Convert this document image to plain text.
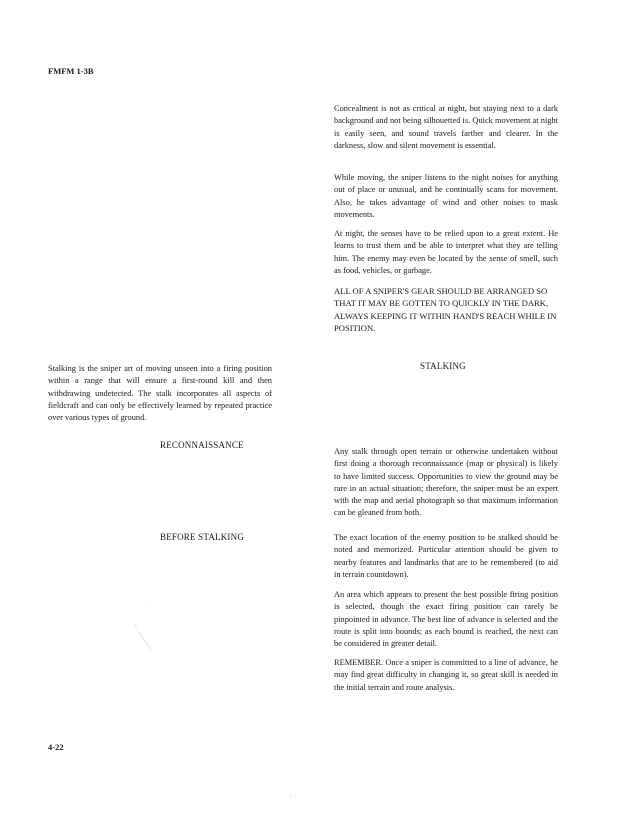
FMFM 1-3B

Concealment is not as critical at night, but staying next to a dark background and not being silhouetted is. Quick movement at night is easily seen, and sound travels farther and clearer. In the darkness, slow and silent movement is essential.

While moving, the sniper listens to the night noises for anything out of place or unusual, and he continually scans for movement. Also, he takes advantage of wind and other noises to mask movements.

At night, the senses have to be relied upon to a great extent. He learns to trust them and be able to interpret what they are telling him. The enemy may even be located by the sense of smell, such as food, vehicles, or garbage.

ALL OF A SNIPER'S GEAR SHOULD BE ARRANGED SO THAT IT MAY BE GOTTEN TO QUICKLY IN THE DARK, ALWAYS KEEPING IT WITHIN HAND'S REACH WHILE IN POSITION.

STALKING

Stalking is the sniper art of moving unseen into a firing position within a range that will ensure a first-round kill and then withdrawing undetected. The stalk incorporates all aspects of fieldcraft and can only be effectively learned by repeated practice over various types of ground.

RECONNAISSANCE

Any stalk through open terrain or otherwise undertaken without first doing a thorough reconnaissance (map or physical) is likely to have limited success. Opportunities to view the ground may be rare in an actual situation; therefore, the sniper must be an expert with the map and aerial photograph so that maximum information can be gleaned from both.

BEFORE STALKING	The exact location of the enemy position to be stalked should be noted and memorized. Particular attention should be given to nearby features and landmarks that are to be remembered (to aid in terrain countdown).

An area which appears to present the best possible firing position is selected, though the exact firing position can rarely be pinpointed in advance. The best line of advance is selected and the route is split into bounds; as each bound is reached, the next can be considered in greater detail.

REMEMBER. Once a sniper is committed to a line of advance, he may find great difficulty in changing it, so great skill is needed in the initial terrain and route analysis.

4-22
